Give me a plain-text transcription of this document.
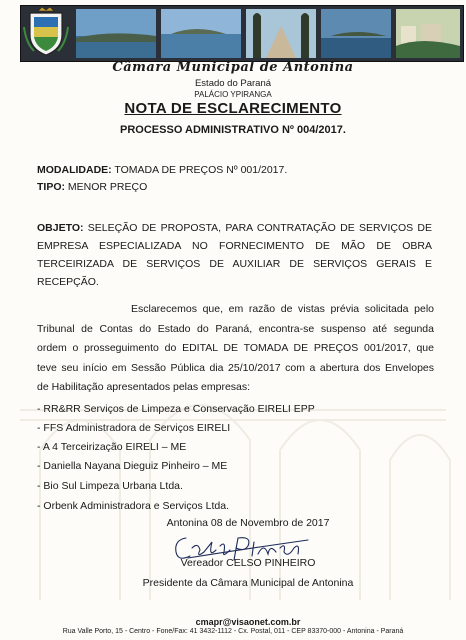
Câmara Municipal de Antonina
Estado do Paraná
PALÁCIO YPIRANGA
NOTA DE ESCLARECIMENTO
PROCESSO ADMINISTRATIVO Nº 004/2017.
MODALIDADE: TOMADA DE PREÇOS Nº 001/2017.
TIPO: MENOR PREÇO
OBJETO: SELEÇÃO DE PROPOSTA, PARA CONTRATAÇÃO DE SERVIÇOS DE
EMPRESA ESPECIALIZADA NO FORNECIMENTO DE MÃO DE OBRA
TERCEIRIZADA DE SERVIÇOS DE AUXILIAR DE SERVIÇOS GERAIS E
RECEPÇÃO.
Esclarecemos que, em razão de vistas prévia solicitada pelo
Tribunal de Contas do Estado do Paraná, encontra-se suspenso até segunda
ordem o prosseguimento do EDITAL DE TOMADA DE PREÇOS 001/2017, que
teve seu início em Sessão Pública dia 25/10/2017 com a abertura dos Envelopes
de Habilitação apresentados pelas empresas:
- RR&RR Serviços de Limpeza e Conservação EIRELI EPP
- FFS Administradora de Serviços EIRELI
- A 4 Terceirização EIRELI – ME
- Daniella Nayana Dieguiz Pinheiro – ME
- Bio Sul Limpeza Urbana Ltda.
- Orbenk Administradora e Serviços Ltda.
Antonina 08 de Novembro de 2017
Vereador CELSO PINHEIRO
Presidente da Câmara Municipal de Antonina
cmapr@visaonet.com.br
Rua Valle Porto, 15 - Centro - Fone/Fax: 41 3432-1112 - Cx. Postal, 011 - CEP 83370-000 - Antonina - Paraná
